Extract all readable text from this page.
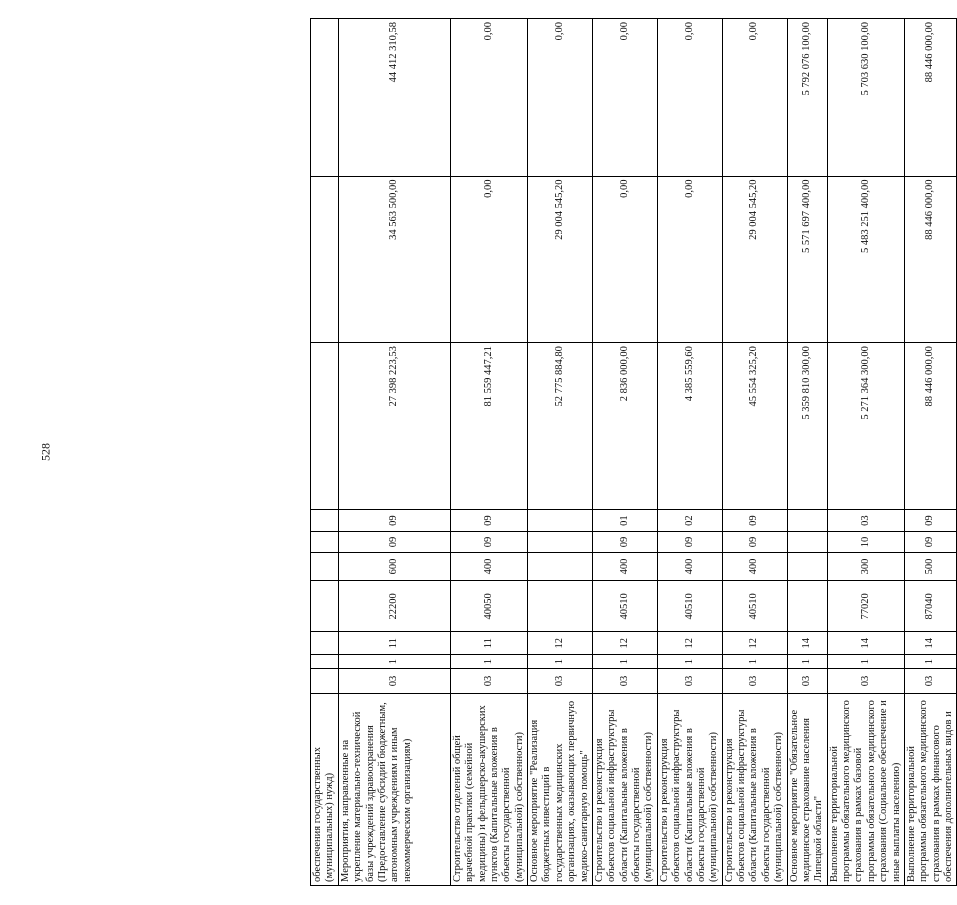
528
обеспечения государственных (муниципальных) нужд)										
Мероприятия, направленные на укрепление материально-технической базы учреждений здравоохранения (Предоставление субсидий бюджетным, автономным учреждениям и иным некоммерческим организациям)	03	1	11	22200	600	09	09	27 398 223,53	34 563 500,00	44 412 310,58
Строительство отделений общей врачебной практики (семейной медицины) и фельдшерско-акушерских пунктов (Капитальные вложения в объекты государственной (муниципальной) собственности)	03	1	11	40050	400	09	09	81 559 447,21	0,00	0,00
Основное мероприятие "Реализация бюджетных инвестиций в государственных медицинских организациях, оказывающих первичную медико-санитарную помощь"	03	1	12					52 775 884,80	29 004 545,20	0,00
Строительство и реконструкция объектов социальной инфраструктуры области (Капитальные вложения в объекты государственной (муниципальной) собственности)	03	1	12	40510	400	09	01	2 836 000,00	0,00	0,00
Строительство и реконструкция объектов социальной инфраструктуры области (Капитальные вложения в объекты государственной (муниципальной) собственности)	03	1	12	40510	400	09	02	4 385 559,60	0,00	0,00
Строительство и реконструкция объектов социальной инфраструктуры области (Капитальные вложения в объекты государственной (муниципальной) собственности)	03	1	12	40510	400	09	09	45 554 325,20	29 004 545,20	0,00
Основное мероприятие "Обязательное медицинское страхование населения Липецкой области"	03	1	14					5 359 810 300,00	5 571 697 400,00	5 792 076 100,00
Выполнение территориальной программы обязательного медицинского страхования в рамках базовой программы обязательного медицинского страхования (Социальное обеспечение и иные выплаты населению)	03	1	14	77020	300	10	03	5 271 364 300,00	5 483 251 400,00	5 703 630 100,00
Выполнение территориальной программы обязательного медицинского страхования в рамках финансового обеспечения дополнительных видов и	03	1	14	87040	500	09	09	88 446 000,00	88 446 000,00	88 446 000,00
